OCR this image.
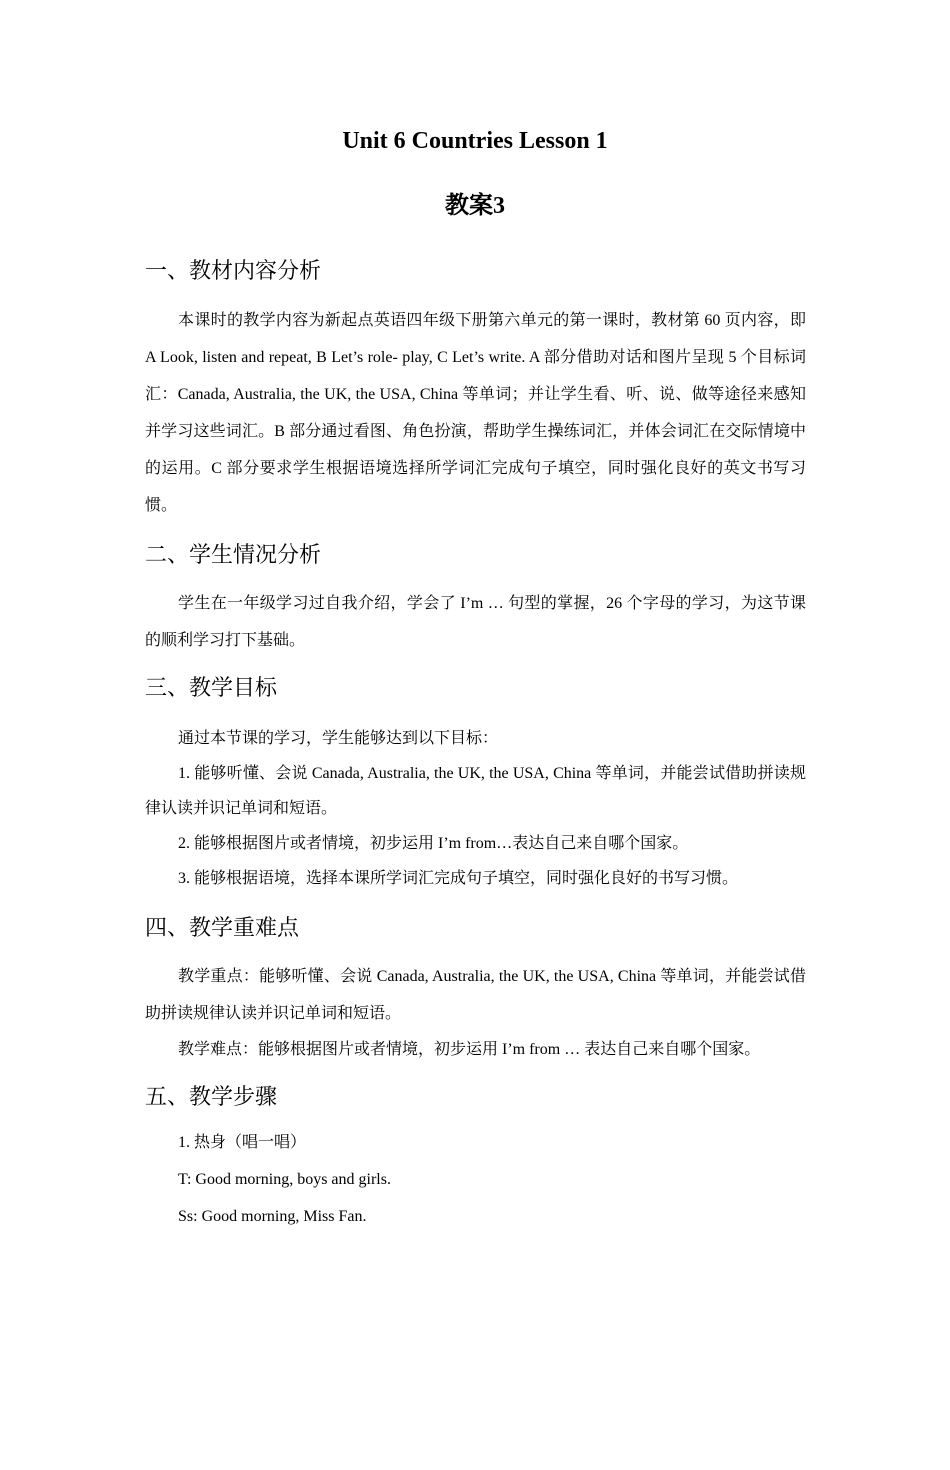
Unit 6 Countries Lesson 1
教案3
一、教材内容分析
本课时的教学内容为新起点英语四年级下册第六单元的第一课时，教材第 60 页内容，即 A Look, listen and repeat, B Let’s role- play, C Let’s write. A 部分借助对话和图片呈现 5 个目标词汇：Canada, Australia, the UK, the USA, China 等单词；并让学生看、听、说、做等途径来感知并学习这些词汇。B 部分通过看图、角色扮演，帮助学生操练词汇，并体会词汇在交际情境中的运用。C 部分要求学生根据语境选择所学词汇完成句子填空，同时强化良好的英文书写习惯。
二、学生情况分析
学生在一年级学习过自我介绍，学会了 I’m … 句型的掌握，26 个字母的学习，为这节课的顺利学习打下基础。
三、教学目标
通过本节课的学习，学生能够达到以下目标：
1. 能够听懂、会说 Canada, Australia, the UK, the USA, China 等单词，并能尝试借助拼读规律认读并识记单词和短语。
2. 能够根据图片或者情境，初步运用 I’m from…表达自己来自哪个国家。
3. 能够根据语境，选择本课所学词汇完成句子填空，同时强化良好的书写习惯。
四、教学重难点
教学重点：能够听懂、会说 Canada, Australia, the UK, the USA, China 等单词，并能尝试借助拼读规律认读并识记单词和短语。
教学难点：能够根据图片或者情境，初步运用 I’m from … 表达自己来自哪个国家。
五、教学步骤
1. 热身（唱一唱）
T: Good morning, boys and girls.
Ss: Good morning, Miss Fan.
